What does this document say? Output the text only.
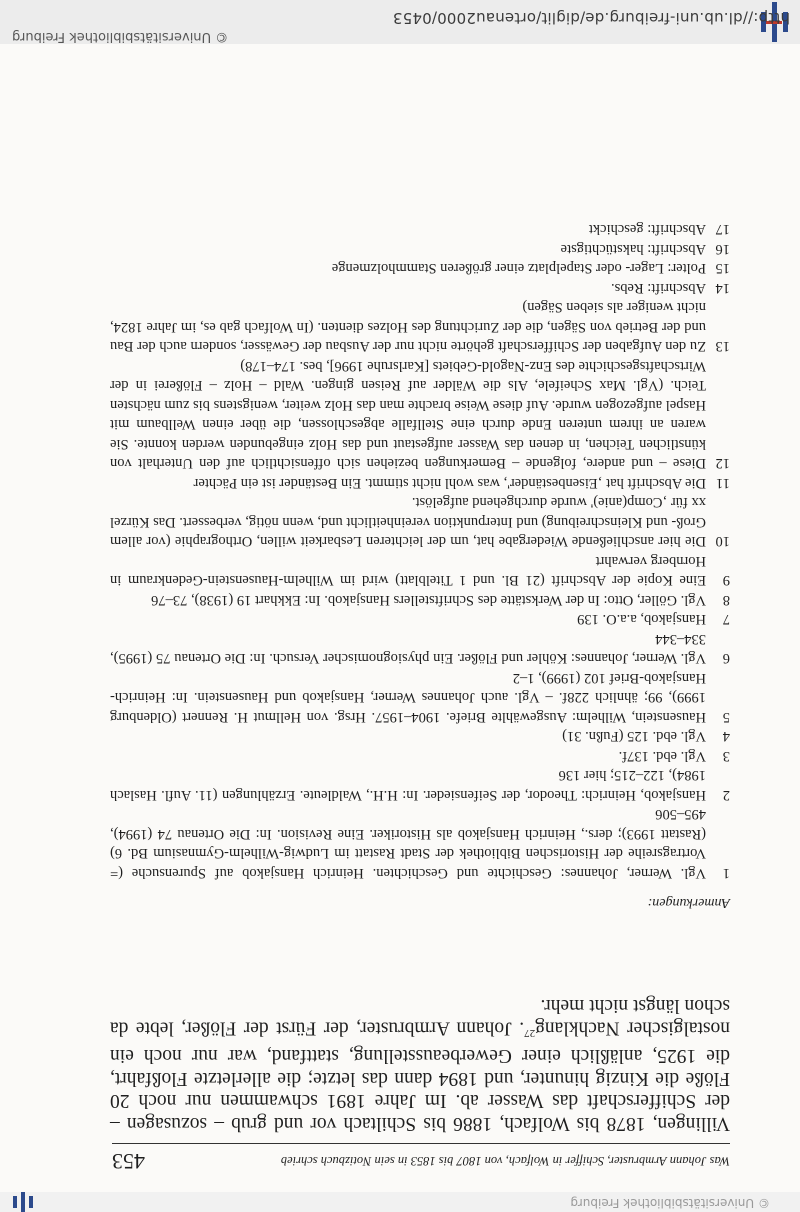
© Universitätsbibliothek Freiburg
Was Johann Armbruster, Schiffer in Wolfach, von 1807 bis 1853 in sein Notizbuch schrieb
453
Villingen, 1878 bis Wolfach, 1886 bis Schiltach vor und grub – sozusagen – der Schifferschaft das Wasser ab. Im Jahre 1891 schwammen nur noch 20 Flöße die Kinzig hinunter, und 1894 dann das letzte; die allerletzte Floßfahrt, die 1925, anläßlich einer Gewerbeausstellung, stattfand, war nur noch ein nostalgischer Nachklang$^{27}$. Johann Armbruster, der Fürst der Flößer, lebte da schon längst nicht mehr.
Anmerkungen:
1
Vgl. Werner, Johannes: Geschichte und Geschichten. Heinrich Hansjakob auf Spurensuche (= Vortragsreihe der Historischen Bibliothek der Stadt Rastatt im Ludwig-Wilhelm-Gymnasium Bd. 6) (Rastatt 1993); ders., Heinrich Hansjakob als Historiker. Eine Revision. In: Die Ortenau 74 (1994), 495–506
2
Hansjakob, Heinrich: Theodor, der Seifensieder. In: H.H., Waldleute. Erzählungen (11. Aufl. Haslach 1984), 122–215; hier 136
3
Vgl. ebd. 137f.
4
Vgl. ebd. 125 (Fußn. 31)
5
Hausenstein, Wilhelm: Ausgewählte Briefe. 1904–1957. Hrsg. von Hellmut H. Rennert (Oldenburg 1999), 99; ähnlich 228f. – Vgl. auch Johannes Werner, Hansjakob und Hausenstein. In: Heinrich-Hansjakob-Brief 102 (1999), 1–2
6
Vgl. Werner, Johannes: Köhler und Flößer. Ein physiognomischer Versuch. In: Die Ortenau 75 (1995), 334–344
7
Hansjakob, a.a.O. 139
8
Vgl. Göller, Otto: In der Werkstätte des Schriftstellers Hansjakob. In: Ekkhart 19 (1938), 73–76
9
Eine Kopie der Abschrift (21 Bl. und 1 Titelblatt) wird im Wilhelm-Hausenstein-Gedenkraum in Hornberg verwahrt
10
Die hier anschließende Wiedergabe hat, um der leichteren Lesbarkeit willen, Orthographie (vor allem Groß- und Kleinschreibung) und Interpunktion vereinheitlicht und, wenn nötig, verbessert. Das Kürzel xx für ‚Comp(anie)' wurde durchgehend aufgelöst.
11
Die Abschrift hat ‚Eisenbeständer', was wohl nicht stimmt. Ein Beständer ist ein Pächter
12
Diese – und andere, folgende – Bemerkungen beziehen sich offensichtlich auf den Unterhalt von künstlichen Teichen, in denen das Wasser aufgestaut und das Holz eingebunden werden konnte. Sie waren an ihrem unteren Ende durch eine Stellfalle abgeschlossen, die über einen Wellbaum mit Haspel aufgezogen wurde. Auf diese Weise brachte man das Holz weiter, wenigstens bis zum nächsten Teich. (Vgl. Max Scheifele, Als die Wälder auf Reisen gingen. Wald – Holz – Flößerei in der Wirtschaftsgeschichte des Enz-Nagold-Gebiets [Karlsruhe 1996], bes. 174–178)
13
Zu den Aufgaben der Schifferschaft gehörte nicht nur der Ausbau der Gewässer, sondern auch der Bau und der Betrieb von Sägen, die der Zurichtung des Holzes dienten. (In Wolfach gab es, im Jahre 1824, nicht weniger als sieben Sägen)
14
Abschrift: Rebs.
15
Polter: Lager- oder Stapelplatz einer größeren Stammholzmenge
16
Abschrift: hakstüchtigste
17
Abschrift: geschickt
http://dl.ub.uni-freiburg.de/diglit/ortenau2000/0453
© Universitätsbibliothek Freiburg
